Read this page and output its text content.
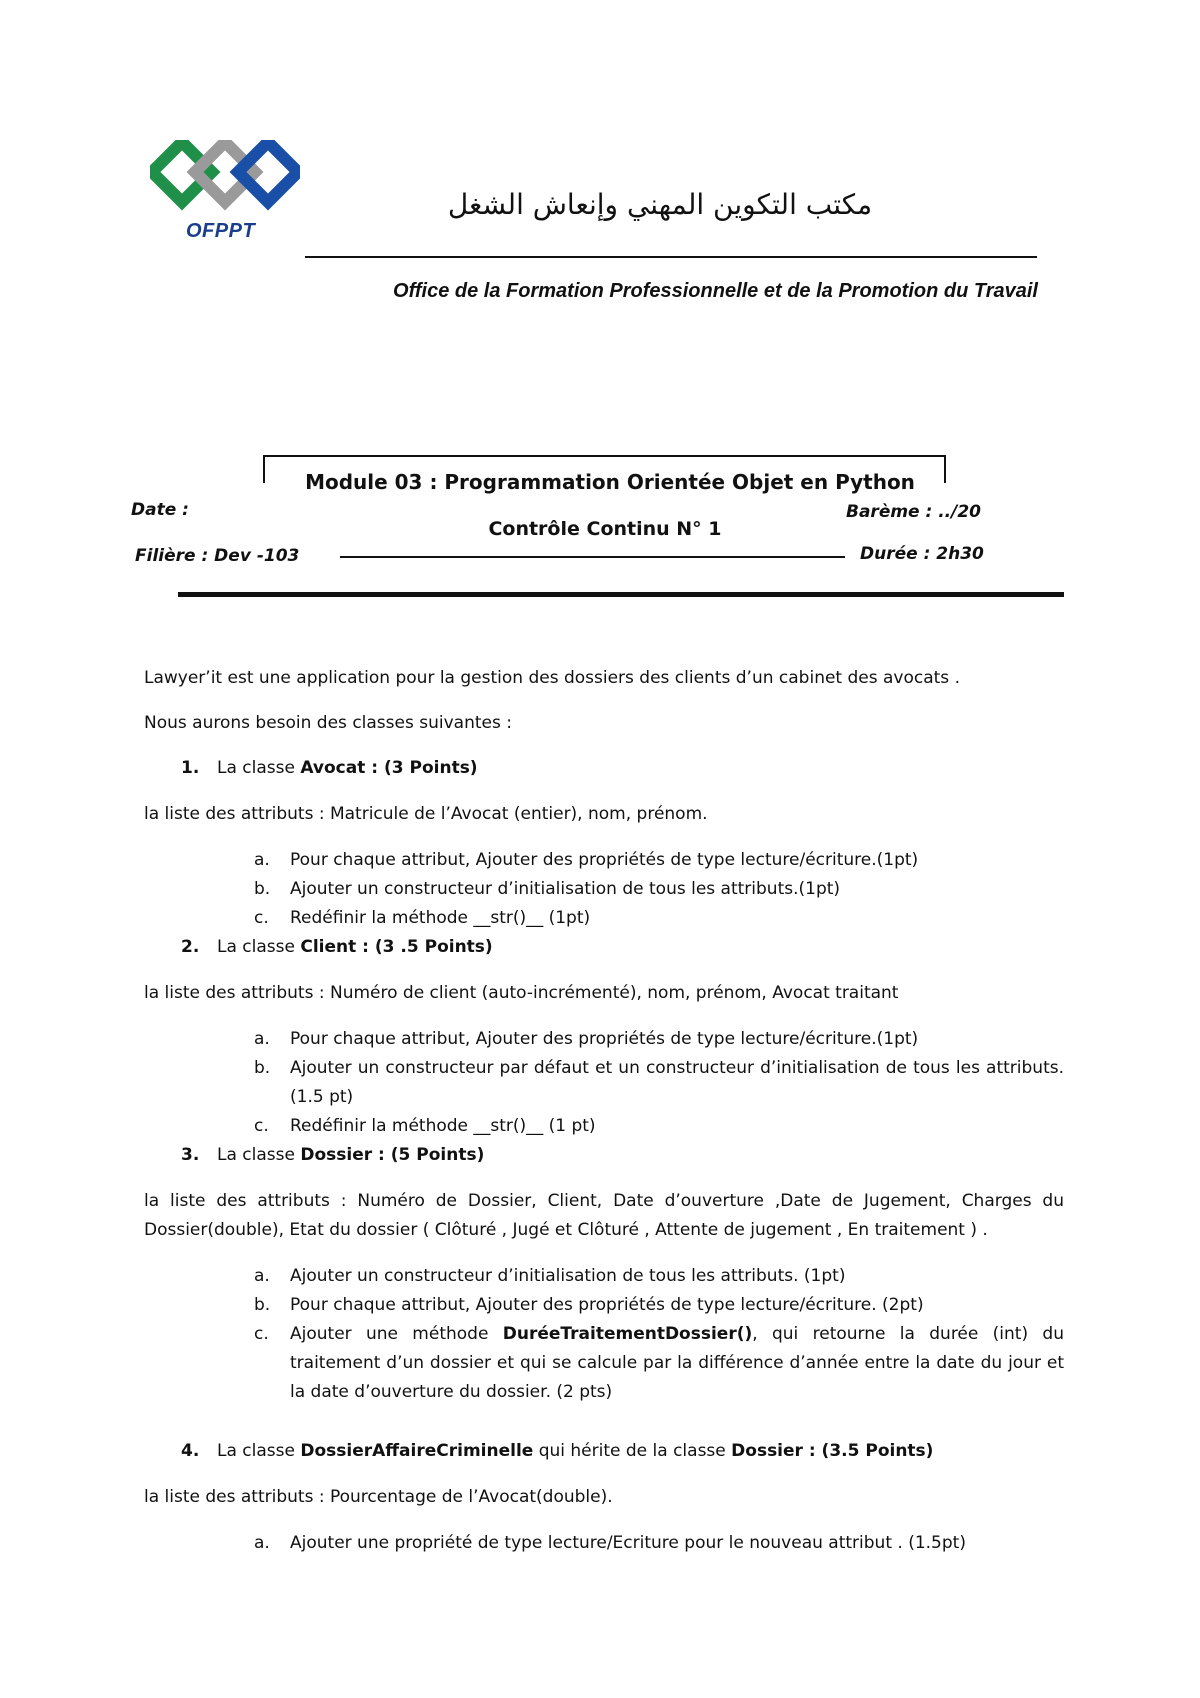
OFPPT
مكتب التكوين المهني وإنعاش الشغل
Office de la Formation Professionnelle et de la Promotion du Travail
Module 03 : Programmation Orientée Objet en Python
Contrôle Continu N° 1
Date :
Filière : Dev -103
Barème : ../20
Durée : 2h30
Lawyer’it est une application pour la gestion des dossiers des clients d’un cabinet des avocats .
Nous aurons besoin des classes suivantes :
1. La classe Avocat : (3 Points)
la liste des attributs : Matricule de l’Avocat (entier), nom, prénom.
a. Pour chaque attribut, Ajouter des propriétés de type lecture/écriture.(1pt)
b. Ajouter un constructeur d’initialisation de tous les attributs.(1pt)
c. Redéfinir la méthode __str()__ (1pt)
2. La classe Client : (3 .5 Points)
la liste des attributs : Numéro de client (auto-incrémenté), nom, prénom, Avocat traitant
a. Pour chaque attribut, Ajouter des propriétés de type lecture/écriture.(1pt)
b. Ajouter un constructeur par défaut et un constructeur d’initialisation de tous les attributs. (1.5 pt)
c. Redéfinir la méthode __str()__ (1 pt)
3. La classe Dossier : (5 Points)
la liste des attributs : Numéro de Dossier, Client, Date d’ouverture ,Date de Jugement, Charges du Dossier(double), Etat du dossier ( Clôturé , Jugé et Clôturé , Attente de jugement , En traitement ) .
a. Ajouter un constructeur d’initialisation de tous les attributs. (1pt)
b. Pour chaque attribut, Ajouter des propriétés de type lecture/écriture. (2pt)
c. Ajouter une méthode DuréeTraitementDossier(), qui retourne la durée (int) du traitement d’un dossier et qui se calcule par la différence d’année entre la date du jour et la date d’ouverture du dossier. (2 pts)
4. La classe DossierAffaireCriminelle qui hérite de la classe Dossier : (3.5 Points)
la liste des attributs : Pourcentage de l’Avocat(double).
a. Ajouter une propriété de type lecture/Ecriture pour le nouveau attribut . (1.5pt)
